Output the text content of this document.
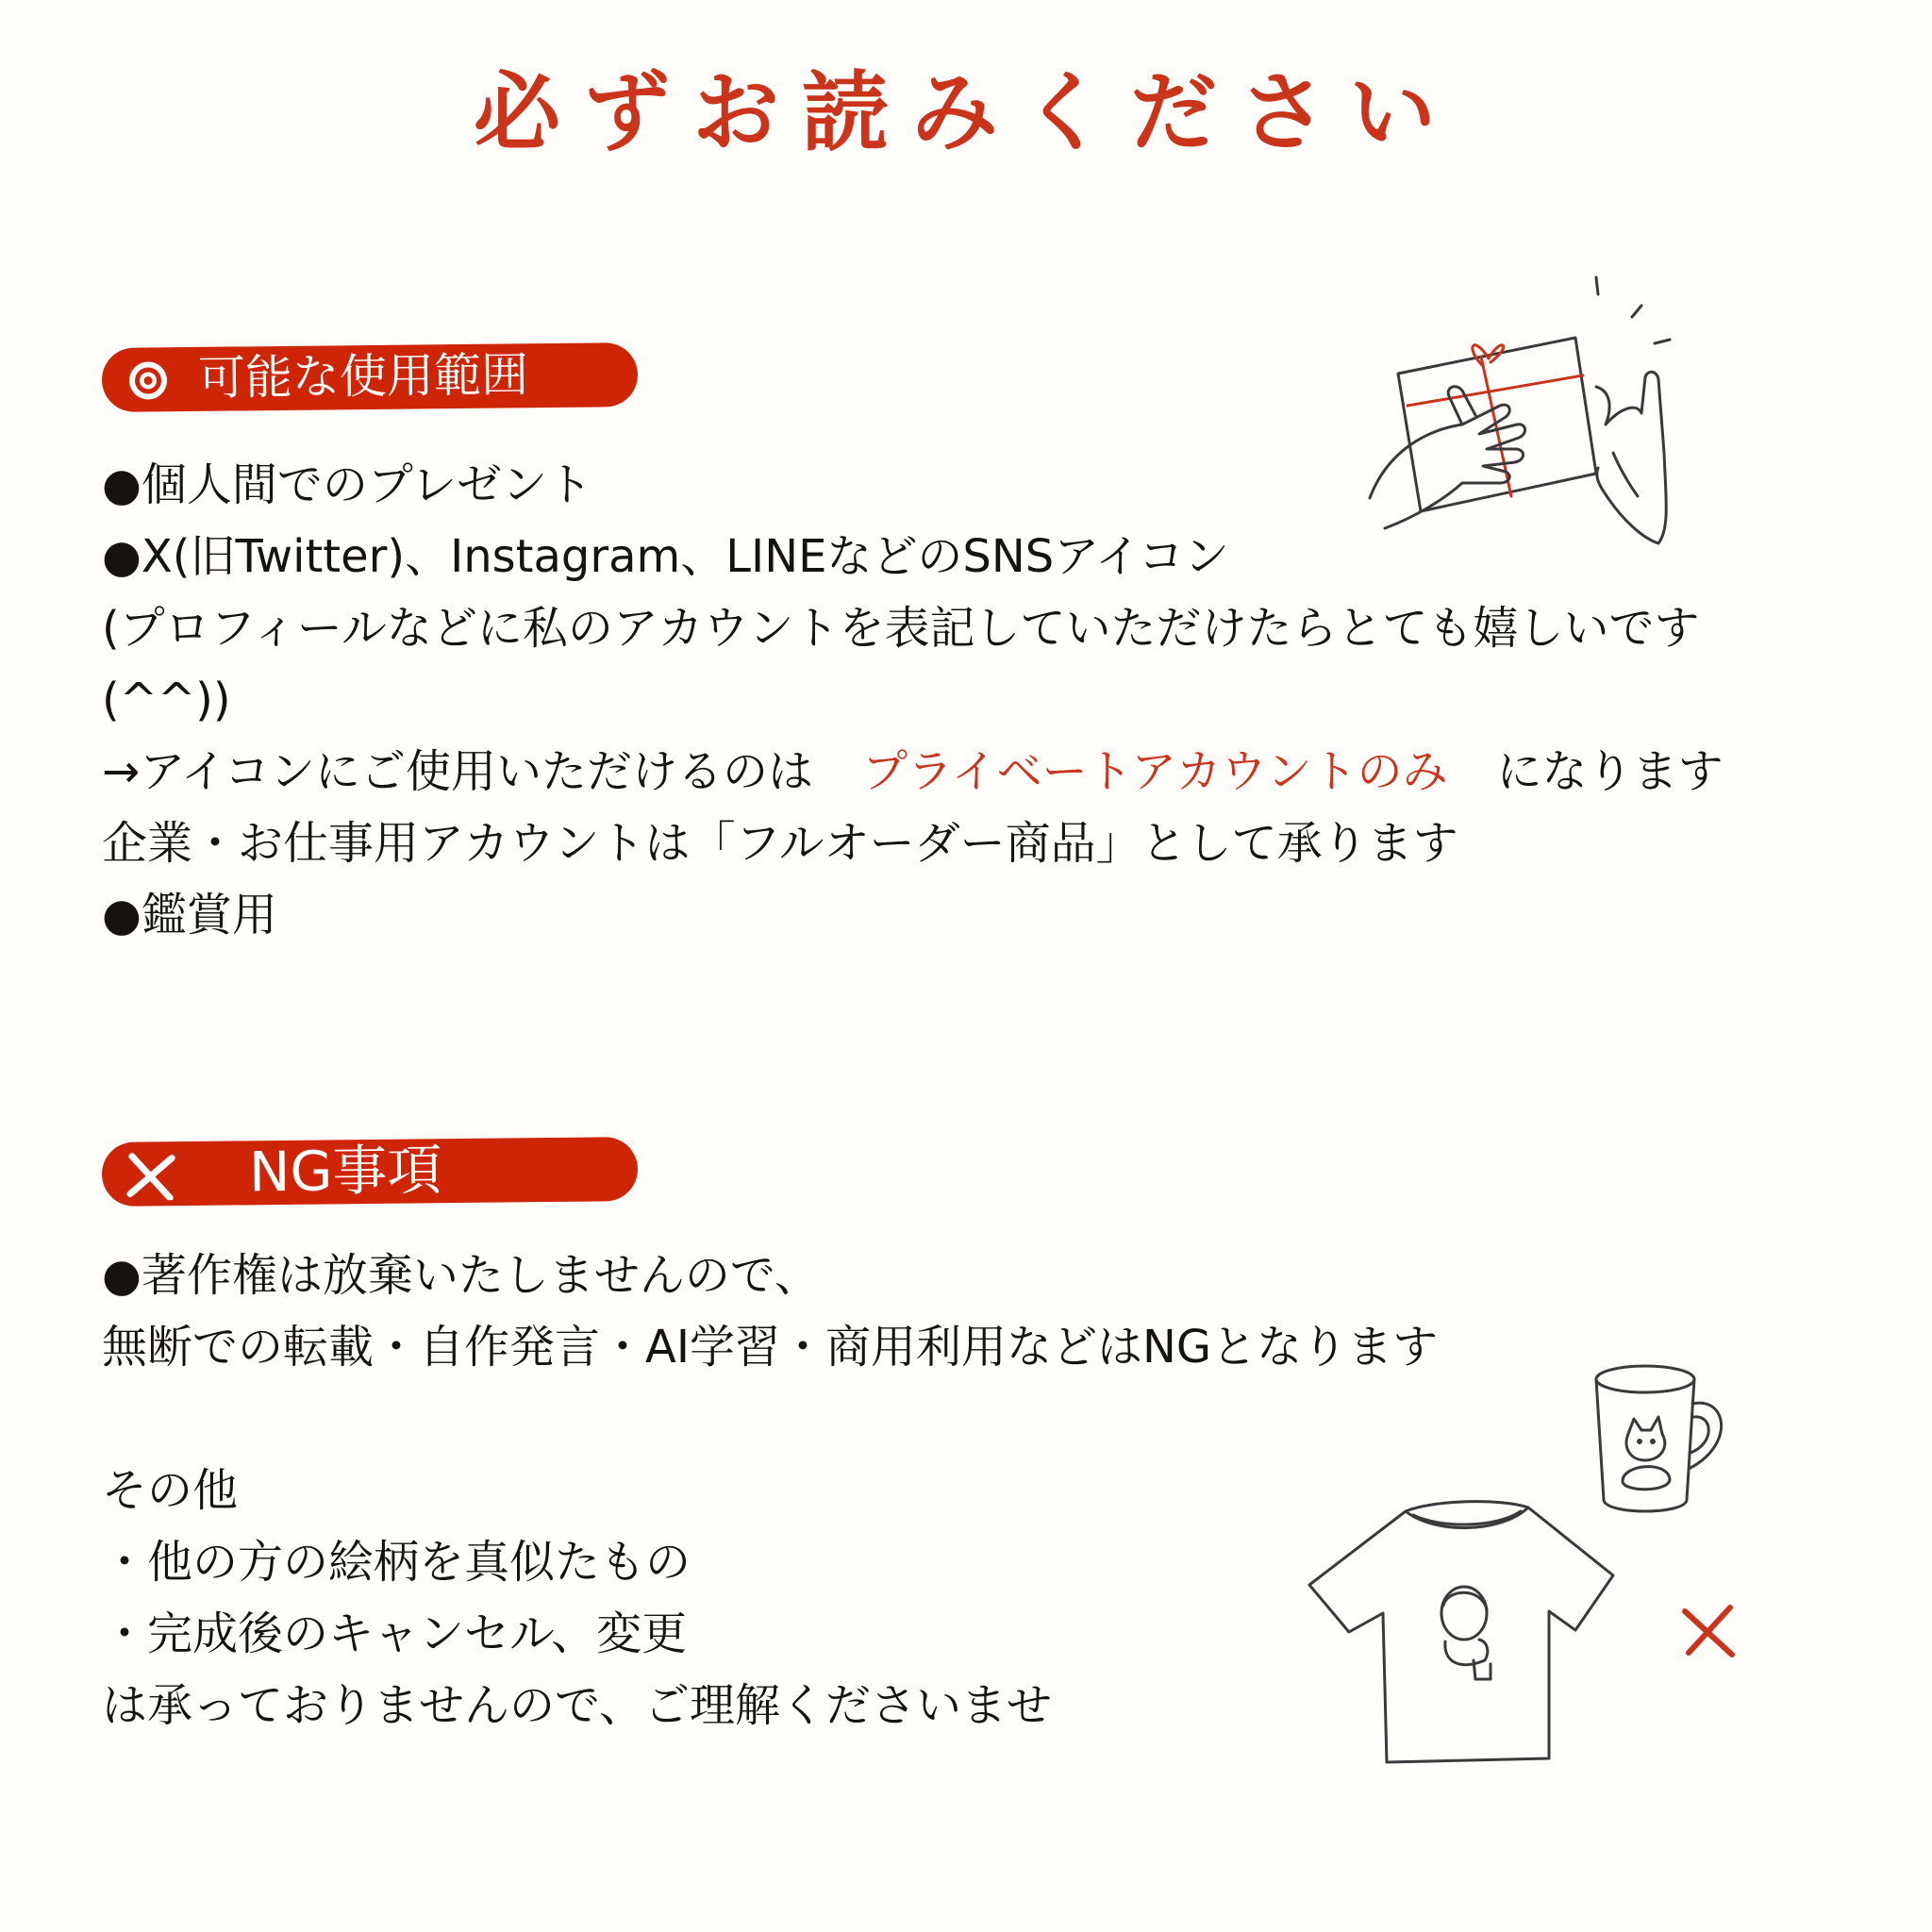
必ずお読みください
可能な使用範囲
●個人間でのプレゼント
●X(旧Twitter)、Instagram、LINEなどのSNSアイコン
(プロフィールなどに私のアカウントを表記していただけたらとても嬉しいです
(^^))
→アイコンにご使用いただけるのは プライベートアカウントのみ になります
企業・お仕事用アカウントは「フルオーダー商品」として承ります
●鑑賞用
NG事項
●著作権は放棄いたしませんので、
無断での転載・自作発言・AI学習・商用利用などはNGとなります
その他
・他の方の絵柄を真似たもの
・完成後のキャンセル、変更
は承っておりませんので、ご理解くださいませ
